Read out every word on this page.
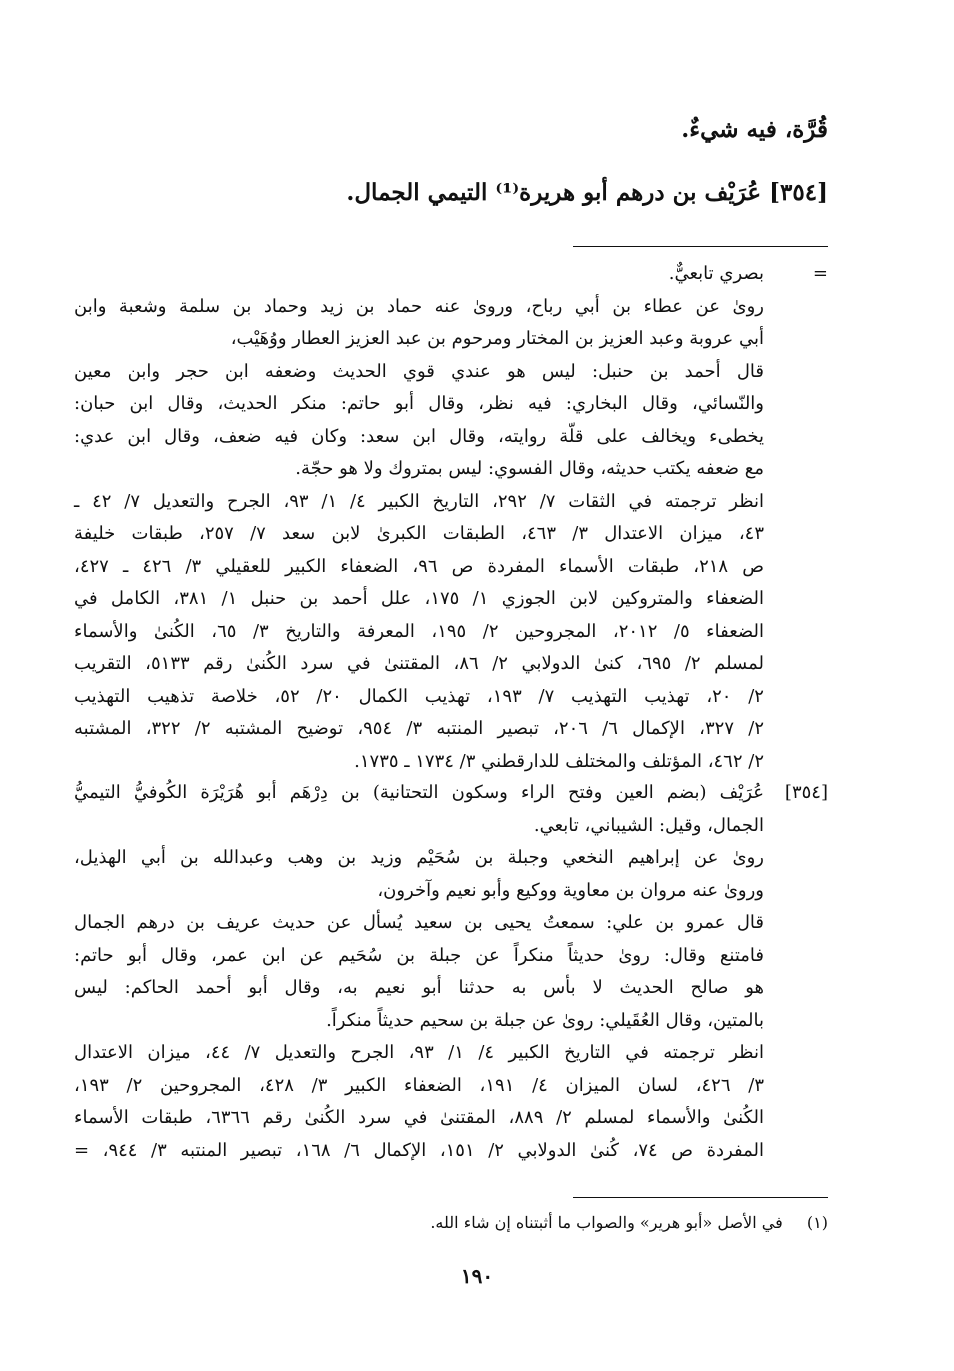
قُرَّة، فيه شيءٌ.
[٣٥٤] عُرَيْف بن درهم أبو هريرة⁽¹⁾ التيمي الجمال.
=
بصري تابعيٌّ.
روىٰ عن عطاء بن أبي رباح، وروىٰ عنه حماد بن زيد وحماد بن سلمة وشعبة وابن
أبي عروبة وعبد العزيز بن المختار ومرحوم بن عبد العزيز العطار ووُهَيْب،
قال أحمد بن حنبل: ليس هو عندي قوي الحديث وضعفه ابن حجر وابن معين
والنّسائي، وقال البخاري: فيه نظر، وقال أبو حاتم: منكر الحديث، وقال ابن حبان:
يخطىء ويخالف على قلّة روايته، وقال ابن سعد: وكان فيه ضعف، وقال ابن عدي:
مع ضعفه يكتب حديثه، وقال الفسوي: ليس بمتروك ولا هو حجّة.
انظر ترجمته في الثقات ٧/ ٢٩٢، التاريخ الكبير ٤/ ١/ ٩٣، الجرح والتعديل ٧/ ٤٢ ـ
٤٣، ميزان الاعتدال ٣/ ٤٦٣، الطبقات الكبرىٰ لابن سعد ٧/ ٢٥٧، طبقات خليفة
ص ٢١٨، طبقات الأسماء المفردة ص ٩٦، الضعفاء الكبير للعقيلي ٣/ ٤٢٦ ـ ٤٢٧،
الضعفاء والمتروكين لابن الجوزي ١/ ١٧٥، علل أحمد بن حنبل ١/ ٣٨١، الكامل في
الضعفاء ٥/ ٢٠١٢، المجروحين ٢/ ١٩٥، المعرفة والتاريخ ٣/ ٦٥، الكُنىٰ والأسماء
لمسلم ٢/ ٦٩٥، كنىٰ الدولابي ٢/ ٨٦، المقتنىٰ في سرد الكُنىٰ رقم ٥١٣٣، التقريب
٢/ ٢٠، تهذيب التهذيب ٧/ ١٩٣، تهذيب الكمال ٢٠/ ٥٢، خلاصة تذهيب التهذيب
٢/ ٣٢٧، الإكمال ٦/ ٢٠٦، تبصير المنتبه ٣/ ٩٥٤، توضيح المشتبه ٢/ ٣٢٢، المشتبه
٢/ ٤٦٢، المؤتلف والمختلف للدارقطني ٣/ ١٧٣٤ ـ ١٧٣٥.
[٣٥٤]
عُرَيْف (بضم العين وفتح الراء وسكون التحتانية) بن دِرْهَم أبو هُرَيْرَة الكُوفيُّ التيميُّ
الجمال، وقيل: الشيباني، تابعي.
روىٰ عن إبراهيم النخعي وجبلة بن سُحَيْم وزيد بن وهب وعبدالله بن أبي الهذيل،
وروىٰ عنه مروان بن معاوية ووكيع وأبو نعيم وآخرون،
قال عمرو بن علي: سمعتُ يحيى بن سعيد يُسأل عن حديث عريف بن درهم الجمال
فامتنع وقال: روىٰ حديثاً منكراً عن جبلة بن سُحَيم عن ابن عمر، وقال أبو حاتم:
هو صالح الحديث لا بأس به حدثنا أبو نعيم به، وقال أبو أحمد الحاكم: ليس
بالمتين، وقال العُقَيلي: روىٰ عن جبلة بن سحيم حديثاً منكراً.
انظر ترجمته في التاريخ الكبير ٤/ ١/ ٩٣، الجرح والتعديل ٧/ ٤٤، ميزان الاعتدال
٣/ ٤٢٦، لسان الميزان ٤/ ١٩١، الضعفاء الكبير ٣/ ٤٢٨، المجروحين ٢/ ١٩٣،
الكُنىٰ والأسماء لمسلم ٢/ ٨٨٩، المقتنىٰ في سرد الكُنىٰ رقم ٦٣٦٦، طبقات الأسماء
المفردة ص ٧٤، كُنىٰ الدولابي ٢/ ١٥١، الإكمال ٦/ ١٦٨، تبصير المنتبه ٣/ ٩٤٤، =
(١)  في الأصل «أبو هرير» والصواب ما أثبتناه إن شاء الله.
١٩٠
